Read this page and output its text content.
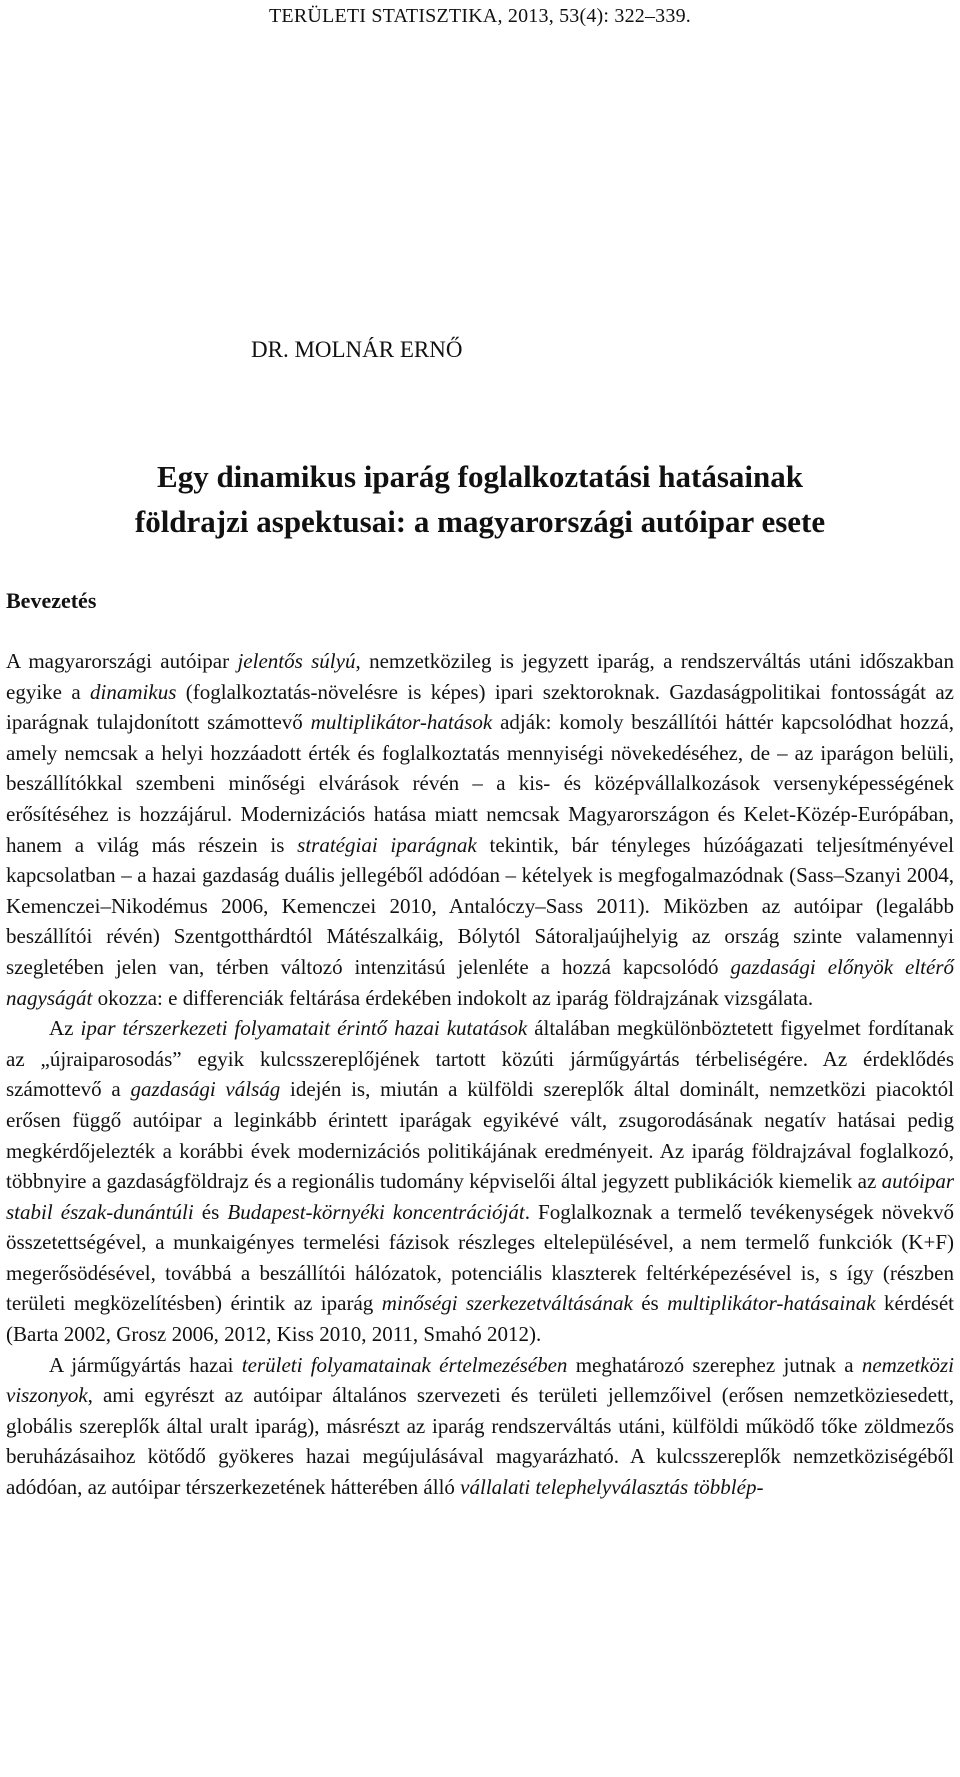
TERÜLETI STATISZTIKA, 2013, 53(4): 322–339.

DR. MOLNÁR ERNŐ
Egy dinamikus iparág foglalkoztatási hatásainak
földrajzi aspektusai: a magyarországi autóipar esete
Bevezetés

A magyarországi autóipar jelentős súlyú, nemzetközileg is jegyzett iparág, a rendszerváltás utáni időszakban egyike a dinamikus (foglalkoztatás-növelésre is képes) ipari szektoroknak. Gazdaságpolitikai fontosságát az iparágnak tulajdonított számottevő multiplikátor-hatások adják: komoly beszállítói háttér kapcsolódhat hozzá, amely nemcsak a helyi hozzáadott érték és foglalkoztatás mennyiségi növekedéséhez, de – az iparágon belüli, beszállítókkal szembeni minőségi elvárások révén – a kis- és középvállalkozások versenyképességének erősítéséhez is hozzájárul. Modernizációs hatása miatt nemcsak Magyarországon és Kelet-Közép-Európában, hanem a világ más részein is stratégiai iparágnak tekintik, bár tényleges húzóágazati teljesítményével kapcsolatban – a hazai gazdaság duális jellegéből adódóan – kételyek is megfogalmazódnak (Sass–Szanyi 2004, Kemenczei–Nikodémus 2006, Kemenczei 2010, Antalóczy–Sass 2011). Miközben az autóipar (legalább beszállítói révén) Szentgotthárdtól Mátészalkáig, Bólytól Sátoraljaújhelyig az ország szinte valamennyi szegletében jelen van, térben változó intenzitású jelenléte a hozzá kapcsolódó gazdasági előnyök eltérő nagyságát okozza: e differenciák feltárása érdekében indokolt az iparág földrajzának vizsgálata.

Az ipar térszerkezeti folyamatait érintő hazai kutatások általában megkülönböztetett figyelmet fordítanak az „újraiparosodás” egyik kulcsszereplőjének tartott közúti járműgyártás térbeliségére. Az érdeklődés számottevő a gazdasági válság idején is, miután a külföldi szereplők által dominált, nemzetközi piacoktól erősen függő autóipar a leginkább érintett iparágak egyikévé vált, zsugorodásának negatív hatásai pedig megkérdőjelezték a korábbi évek modernizációs politikájának eredményeit. Az iparág földrajzával foglalkozó, többnyire a gazdaságföldrajz és a regionális tudomány képviselői által jegyzett publikációk kiemelik az autóipar stabil észak-dunántúli és Budapest-környéki koncentrációját. Foglalkoznak a termelő tevékenységek növekvő összetettségével, a munkaigényes termelési fázisok részleges eltelepülésével, a nem termelő funkciók (K+F) megerősödésével, továbbá a beszállítói hálózatok, potenciális klaszterek feltérképezésével is, s így (részben területi megközelítésben) érintik az iparág minőségi szerkezetváltásának és multiplikátor-hatásainak kérdését (Barta 2002, Grosz 2006, 2012, Kiss 2010, 2011, Smahó 2012).

A járműgyártás hazai területi folyamatainak értelmezésében meghatározó szerephez jutnak a nemzetközi viszonyok, ami egyrészt az autóipar általános szervezeti és területi jellemzőivel (erősen nemzetköziesedett, globális szereplők által uralt iparág), másrészt az iparág rendszerváltás utáni, külföldi működő tőke zöldmezős beruházásaihoz kötődő gyökeres hazai megújulásával magyarázható. A kulcsszereplők nemzetköziségéből adódóan, az autóipar térszerkezetének hátterében álló vállalati telephelyválasztás többlép-
